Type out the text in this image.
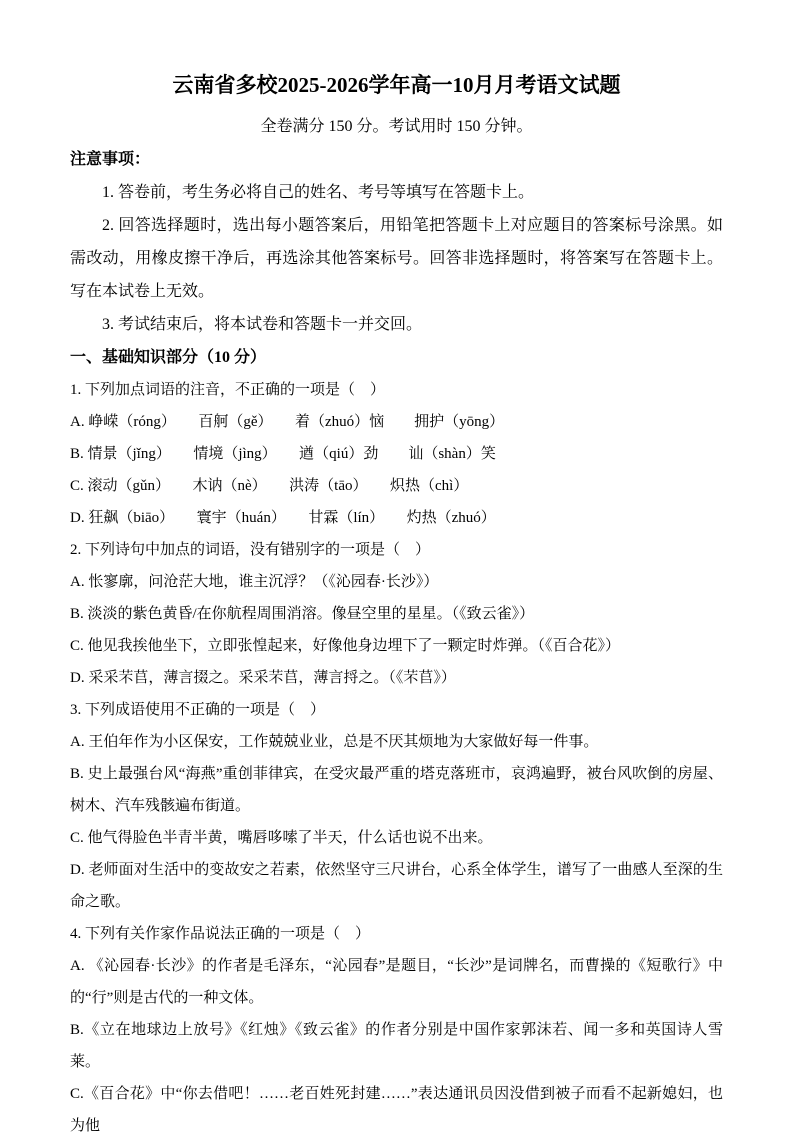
云南省多校2025-2026学年高一10月月考语文试题

全卷满分 150 分。考试用时 150 分钟。

注意事项：

1. 答卷前，考生务必将自己的姓名、考号等填写在答题卡上。

2. 回答选择题时，选出每小题答案后，用铅笔把答题卡上对应题目的答案标号涂黑。如需改动，用橡皮擦干净后，再选涂其他答案标号。回答非选择题时，将答案写在答题卡上。写在本试卷上无效。

3. 考试结束后，将本试卷和答题卡一并交回。

一、基础知识部分（10 分）

1. 下列加点词语的注音，不正确的一项是（　）

A. 峥嵘（róng）　　百舸（gě）　　着（zhuó）恼　　拥护（yōng）

B. 情景（jǐng）　　情境（jìng）　　遒（qiú）劲　　讪（shàn）笑

C. 滚动（gǔn）　　木讷（nè）　　洪涛（tāo）　　炽热（chì）

D. 狂飙（biāo）　　寰宇（huán）　　甘霖（lín）　　灼热（zhuó）

2. 下列诗句中加点的词语，没有错别字的一项是（　）

A. 怅寥廓，问沧茫大地，谁主沉浮？（《沁园春·长沙》）

B. 淡淡的紫色黄昏/在你航程周围消溶。像昼空里的星星。（《致云雀》）

C. 他见我挨他坐下，立即张惶起来，好像他身边埋下了一颗定时炸弹。（《百合花》）

D. 采采芣苢，薄言掇之。采采芣苢，薄言捋之。（《芣苢》）

3. 下列成语使用不正确的一项是（　）

A. 王伯年作为小区保安，工作兢兢业业，总是不厌其烦地为大家做好每一件事。

B. 史上最强台风“海燕”重创菲律宾，在受灾最严重的塔克落班市，哀鸿遍野，被台风吹倒的房屋、树木、汽车残骸遍布街道。

C. 他气得脸色半青半黄，嘴唇哆嗦了半天，什么话也说不出来。

D. 老师面对生活中的变故安之若素，依然坚守三尺讲台，心系全体学生，谱写了一曲感人至深的生命之歌。

4. 下列有关作家作品说法正确的一项是（　）

A. 《沁园春·长沙》的作者是毛泽东，“沁园春”是题目，“长沙”是词牌名，而曹操的《短歌行》中的“行”则是古代的一种文体。

B.《立在地球边上放号》《红烛》《致云雀》的作者分别是中国作家郭沫若、闻一多和英国诗人雪莱。

C.《百合花》中“你去借吧！……老百姓死封建……”表达通讯员因没借到被子而看不起新媳妇，也为他
